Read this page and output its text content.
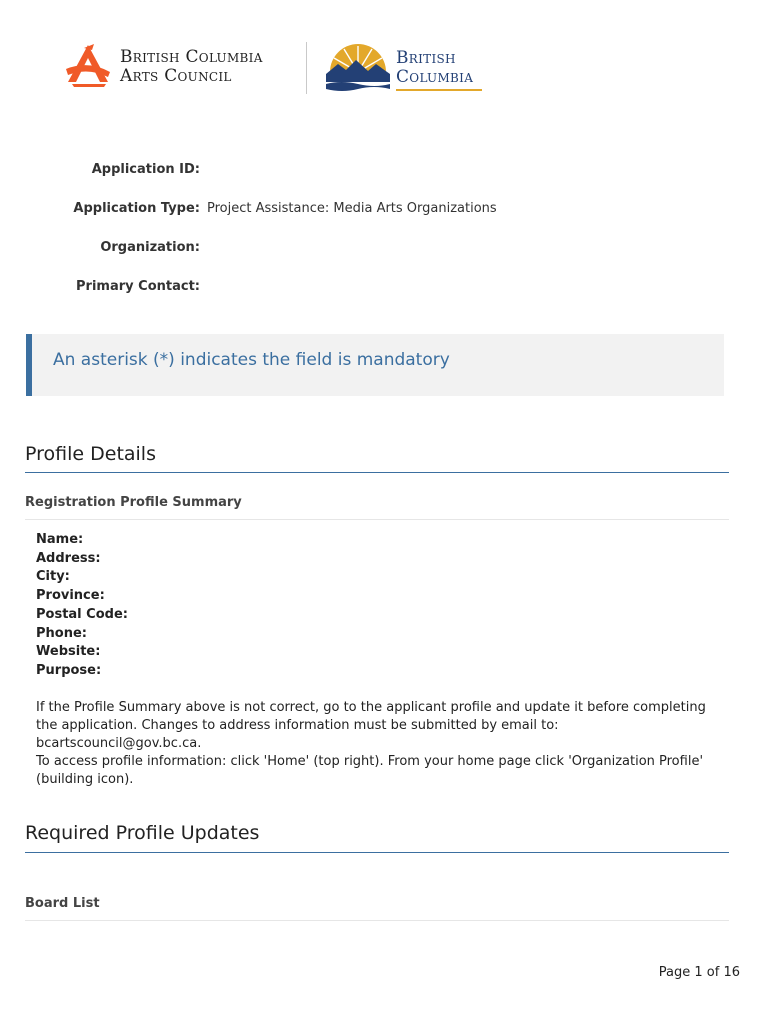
British Columbia
Arts Council
British
Columbia
Application ID:
Application Type: Project Assistance: Media Arts Organizations
Organization:
Primary Contact:
An asterisk (*) indicates the field is mandatory
Profile Details
Registration Profile Summary
Name:
Address:
City:
Province:
Postal Code:
Phone:
Website:
Purpose:
If the Profile Summary above is not correct, go to the applicant profile and update it before completing the application. Changes to address information must be submitted by email to: bcartscouncil@gov.bc.ca.
To access profile information: click 'Home' (top right). From your home page click 'Organization Profile' (building icon).
Required Profile Updates
Board List
Page 1 of 16
